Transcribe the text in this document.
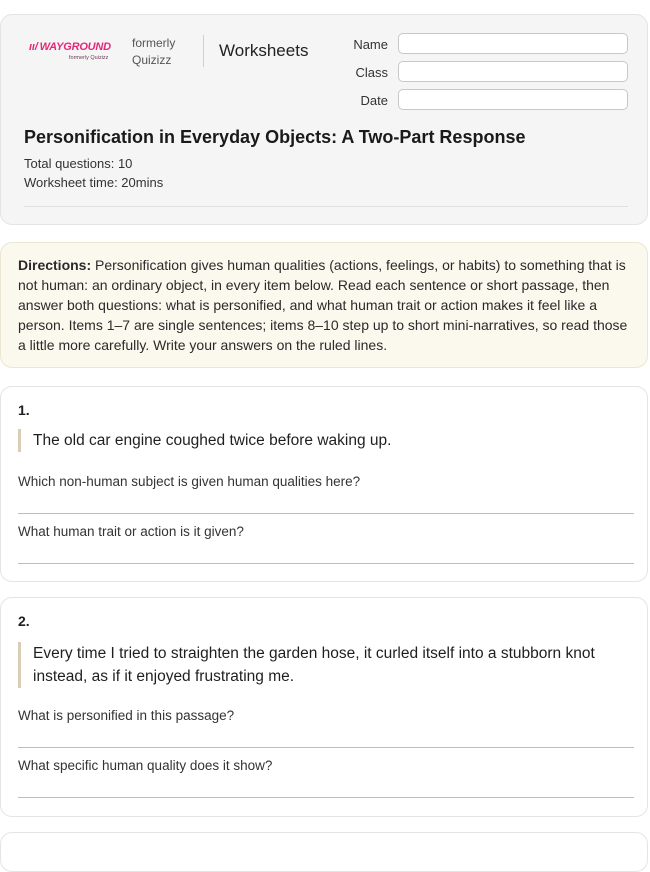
ıı/ WAYGROUND
formerly Quizizz
formerly Quizizz	Worksheets	Name
Class
Date
Personification in Everyday Objects: A Two-Part Response
Total questions: 10
Worksheet time: 20mins
Directions: Personification gives human qualities (actions, feelings, or habits) to something that is not human: an ordinary object, in every item below. Read each sentence or short passage, then answer both questions: what is personified, and what human trait or action makes it feel like a person. Items 1–7 are single sentences; items 8–10 step up to short mini-narratives, so read those a little more carefully. Write your answers on the ruled lines.
1.
The old car engine coughed twice before waking up.
Which non-human subject is given human qualities here?
What human trait or action is it given?
2.
Every time I tried to straighten the garden hose, it curled itself into a stubborn knot instead, as if it enjoyed frustrating me.
What is personified in this passage?
What specific human quality does it show?
